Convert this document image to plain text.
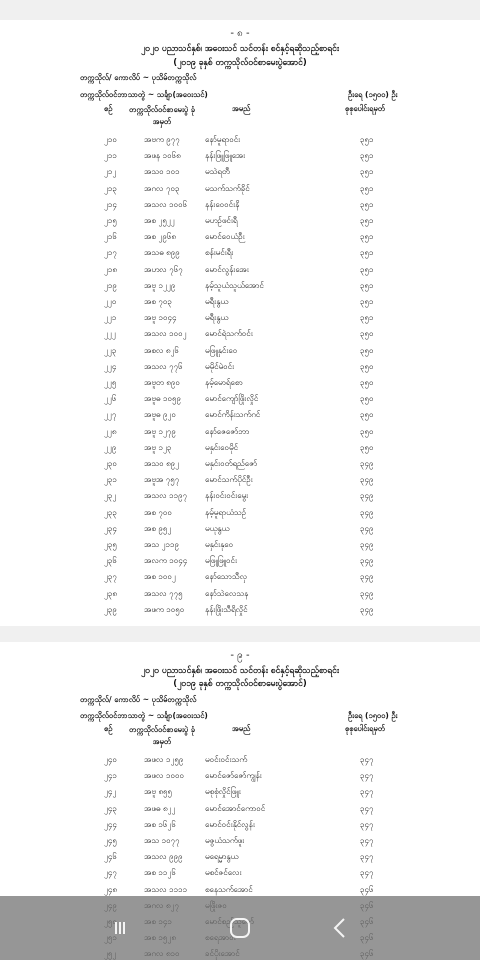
- ၈ -
၂၀၂၀ ပညာသင်နှစ်၊ အဝေးသင် သင်တန်း စင်နှင့်ရဆိုသည့်စာရင်း
(၂၀၁၉ ခုနှစ် တက္ကသိုလ်ဝင်စာမေးပွဲအောင်)
တက္ကသိုလ်/ ကောလိပ် ~ ပုသိမ်တက္ကသိုလ်
တက္ကသိုလ်ဝင်ဘာသာတွဲ ~ သင်္ချာ(အဝေးသင်)	ဦးရေ (၁၅၀၀) ဦး
စဉ်	တက္ကသိုလ်ဝင်စာမေးပွဲ ခုံအမှတ်
အမည်	စုစုပေါင်းရမှတ်
၂၁၀	အဗက ၉၇၇	နော်မူရာဝင်း	၃၅၁
၂၁၁	အဖန ၁၀၆၈	နန်းဖြူဖြူအေး	၃၅၁
၂၁၂	အသဝ ၁၀၁	မသဲရတီ	၃၅၁
၂၁၃	အဂလ ၇၀၃	မသက်သက်ခိုင်	၃၅၁
၂၁၄	အသလ ၁၀၀၆ နန်းဝေဝင်းနိ	၃၅၁
၂၁၅	အစ ၂၅၂၂	မဟဉ်ဖင်းရီ	၃၅၁
၂၁၆	အစ ၂၉၆၈	မောင်ဝေယံဉီး	၃၅၁
၂၁၇	အသဓ ၈၉၉	စန်းမင်းရီး	၃၅၁
၂၁၈	အဟလ ၇၆၇	မောင်လွန်းအေး	၃၅၁
၂၁၉	အဗူ ၁၂၂၉	နမ့်သူယံသူယ်အောင်	၃၅၁
၂၂၀	အစ ၇၀၃	မရီးနွယ	၃၅၁
၂၂၁	အဗူ ၁၀၄၄	မရီးနွယ	၃၅၁
၂၂၂	အသလ ၁၀၀၂ မောင်ရဲသက်ဝင်း	၃၅၀
၂၂၃	အစလ ၈၂၆	မဖြူနှင်းဝေ	၃၅၀
၂၂၄	အသလ ၇၇၆	မမိုင်မဲဝင်း	၃၅၀
၂၂၅	အဗူတ ၈၉၀	နမ့်မောရ်စော	၃၅၀
၂၂၆	အဗူဓ ၁၀၅၉	မောင်ကျော်ဖြိုးလှိုင်	၃၅၀
၂၂၇	အဗူဓ ၉၂၀	မောင်ကိန်းသက်ဂင်	၃၅၀
၂၂၈	အဗူ ၁၂၇၉	နော်ဇေဇော်ဘာ	၃၅၀
၂၂၉	အဗူ ၁၂၃	မနှင်းဝေမိုင်	၃၅၀
၂၃၀	အသဝ ၈၉၂	မနှင်းဝတ်ရည်ဇော်	၃၄၉
၂၃၁	အဗူအ ၇၅၇	မောင်သက်ပိုင်ဦး	၃၄၉
၂၃၂	အသလ ၁၁၉၇ နန်းဝင်းဝင်းမွေး	၃၄၉
၂၃၃	အစ ၇၀၀	နမ့်မူရာယံသဉ်	၃၄၉
၂၃၄	အစ ၉၅၂	မယုနွယ	၃၄၉
၂၃၅	အသ ၂၁၁၉	မနှင်းနုဝေ	၃၄၉
၂၃၆	အလက ၁၀၄၄ မဖြူဖြူဝင်း	၃၄၉
၂၃၇	အစ ၁၀၀၂	နော်သောသီလှ	၃၄၉
၂၃၈	အသလ ၇၇၅	နော်သဲလေသန	၃၄၉
၂၃၉	အဖက ၁၀၅၀	နန်းဖြိုးသီရိလှိုင်	၃၄၉
- ၉ -
၂၀၂၀ ပညာသင်နှစ်၊ အဝေးသင် သင်တန်း စင်နှင့်ရဆိုသည့်စာရင်း
(၂၀၁၉ ခုနှစ် တက္ကသိုလ်ဝင်စာမေးပွဲအောင်)
တက္ကသိုလ်/ ကောလိပ် ~ ပုသိမ်တက္ကသိုလ်
တက္ကသိုလ်ဝင်ဘာသာတွဲ ~ သင်္ချာ(အဝေးသင်)	ဦးရေ (၁၅၀၀) ဦး
စဉ်	တက္ကသိုလ်ဝင်စာမေးပွဲ ခုံအမှတ်
အမည်	စုစုပေါင်းရမှတ်
၂၄၀	အဖလ ၁၂၅၉	မဝင်းဝင်းသက်	၃၄၇
၂၄၁	အဖလ ၁၀၀၀	မောင်ဇော်ဇော်ကျွန်း	၃၄၇
၂၄၂	အဗူ ၈၅၅	မစုစုံလှိုင်ဖြူး	၃၄၇
၂၄၃	အဖဓ ၈၂၂	မောင်အောင်ကောဝင်	၃၄၇
၂၄၄	အစ ၁၆၂၆	မောင်ဝင်းနိုင်လွန်း	၃၄၇
၂၄၅	အသ ၁၀၇၇	မဇွယံသက်ဖူး	၃၄၇
၂၄၆	အသလ ၉၉၉	မရေမ္မာနွယ	၃၄၇
၂၄၇	အစ ၁၁၂၆	မစင်ဇင်လေး	၃၄၇
၂၄၈	အသလ ၁၁၁၁ စနေသက်အောင်	၃၄၆
